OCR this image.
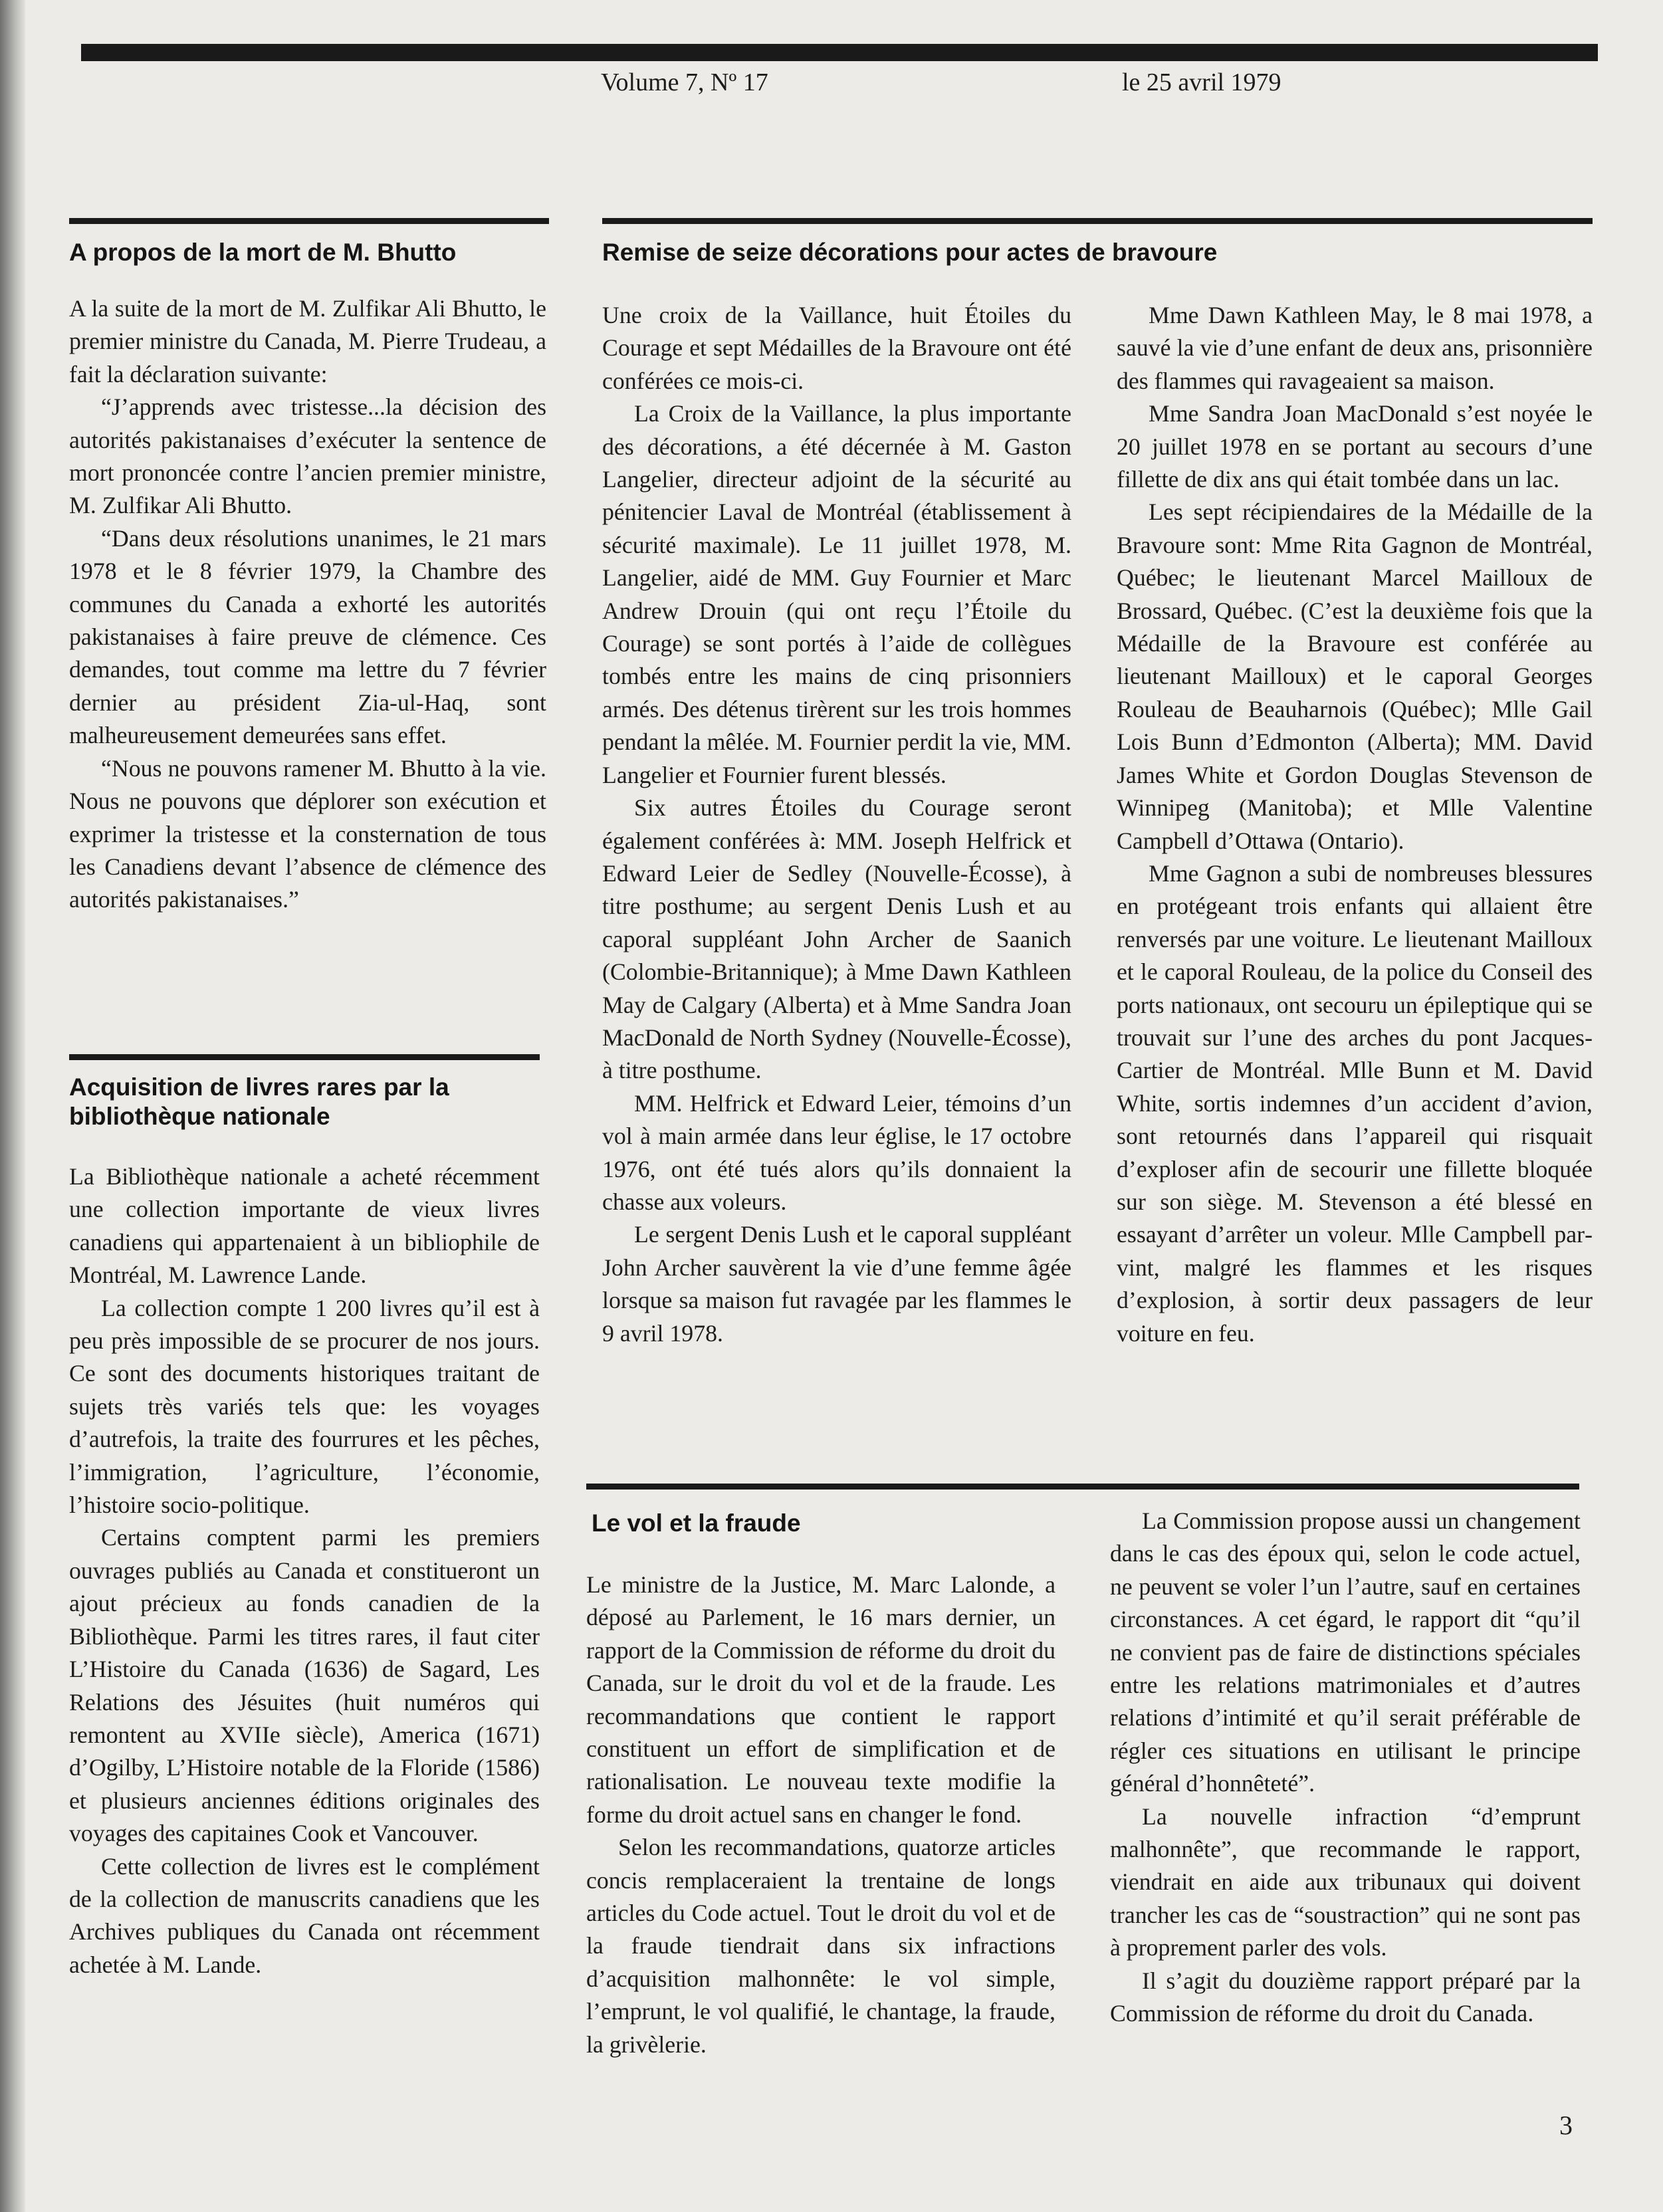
Volume 7, Nº 17	le 25 avril 1979
A propos de la mort de M. Bhutto

A la suite de la mort de M. Zulfikar Ali Bhutto, le premier ministre du Canada, M. Pierre Trudeau, a fait la déclaration suivante:

“J’apprends avec tristesse...la décision des autorités pakistanaises d’exécuter la sentence de mort prononcée contre l’ancien premier ministre, M. Zulfikar Ali Bhutto.

“Dans deux résolutions unanimes, le 21 mars 1978 et le 8 février 1979, la Chambre des communes du Canada a exhorté les autorités pakistanaises à faire preuve de clémence. Ces demandes, tout comme ma lettre du 7 février dernier au président Zia-ul-Haq, sont malheureusement demeurées sans effet.

“Nous ne pouvons ramener M. Bhutto à la vie. Nous ne pouvons que déplorer son exécution et exprimer la tristesse et la consternation de tous les Canadiens devant l’absence de clémence des autorités pakistanaises.”

Acquisition de livres rares par la bibliothèque nationale

La Bibliothèque nationale a acheté récemment une collection importante de vieux livres canadiens qui appartenaient à un bibliophile de Montréal, M. Lawrence Lande.

La collection compte 1 200 livres qu’il est à peu près impossible de se procurer de nos jours. Ce sont des documents historiques traitant de sujets très variés tels que: les voyages d’autrefois, la traite des fourrures et les pêches, l’immigration, l’agriculture, l’économie, l’histoire socio-politique.

Certains comptent parmi les premiers ouvrages publiés au Canada et constitueront un ajout précieux au fonds canadien de la Bibliothèque. Parmi les titres rares, il faut citer L’Histoire du Canada (1636) de Sagard, Les Relations des Jésuites (huit numéros qui remontent au XVIIe siècle), America (1671) d’Ogilby, L’Histoire notable de la Floride (1586) et plusieurs anciennes éditions originales des voyages des capitaines Cook et Vancouver.

Cette collection de livres est le complément de la collection de manuscrits canadiens que les Archives publiques du Canada ont récemment achetée à M. Lande.

Remise de seize décorations pour actes de bravoure

Une croix de la Vaillance, huit Étoiles du Courage et sept Médailles de la Bravoure ont été conférées ce mois-ci.

La Croix de la Vaillance, la plus importante des décorations, a été décernée à M. Gaston Langelier, directeur adjoint de la sécurité au pénitencier Laval de Montréal (établissement à sécurité maximale). Le 11 juillet 1978, M. Langelier, aidé de MM. Guy Fournier et Marc Andrew Drouin (qui ont reçu l’Étoile du Courage) se sont portés à l’aide de collègues tombés entre les mains de cinq prisonniers armés. Des détenus tirèrent sur les trois hommes pendant la mêlée. M. Fournier perdit la vie, MM. Langelier et Fournier furent blessés.

Six autres Étoiles du Courage seront également conférées à: MM. Joseph Helfrick et Edward Leier de Sedley (Nouvelle-Écosse), à titre posthume; au sergent Denis Lush et au caporal suppléant John Archer de Saanich (Colombie-Britannique); à Mme Dawn Kathleen May de Calgary (Alberta) et à Mme Sandra Joan MacDonald de North Sydney (Nouvelle-Écosse), à titre posthume.

MM. Helfrick et Edward Leier, témoins d’un vol à main armée dans leur église, le 17 octobre 1976, ont été tués alors qu’ils donnaient la chasse aux voleurs.

Le sergent Denis Lush et le caporal suppléant John Archer sauvèrent la vie d’une femme âgée lorsque sa maison fut ravagée par les flammes le 9 avril 1978.

Mme Dawn Kathleen May, le 8 mai 1978, a sauvé la vie d’une enfant de deux ans, prisonnière des flammes qui ravageaient sa maison.

Mme Sandra Joan MacDonald s’est noyée le 20 juillet 1978 en se portant au secours d’une fillette de dix ans qui était tombée dans un lac.

Les sept récipiendaires de la Médaille de la Bravoure sont: Mme Rita Gagnon de Montréal, Québec; le lieutenant Marcel Mailloux de Brossard, Québec. (C’est la deuxième fois que la Médaille de la Bravoure est conférée au lieutenant Mailloux) et le caporal Georges Rouleau de Beauharnois (Québec); Mlle Gail Lois Bunn d’Edmonton (Alberta); MM. David James White et Gordon Douglas Stevenson de Winnipeg (Manitoba); et Mlle Valentine Campbell d’Ottawa (Ontario).

Mme Gagnon a subi de nombreuses blessures en protégeant trois enfants qui allaient être renversés par une voiture. Le lieutenant Mailloux et le caporal Rouleau, de la police du Conseil des ports nationaux, ont secouru un épileptique qui se trouvait sur l’une des arches du pont Jacques-Cartier de Montréal. Mlle Bunn et M. David White, sortis indemnes d’un accident d’avion, sont retournés dans l’appareil qui risquait d’exploser afin de secourir une fillette bloquée sur son siège. M. Stevenson a été blessé en essayant d’arrêter un voleur. Mlle Campbell parvint, malgré les flammes et les risques d’explosion, à sortir deux passagers de leur voiture en feu.

Le vol et la fraude

Le ministre de la Justice, M. Marc Lalonde, a déposé au Parlement, le 16 mars dernier, un rapport de la Commission de réforme du droit du Canada, sur le droit du vol et de la fraude. Les recommandations que contient le rapport constituent un effort de simplification et de rationalisation. Le nouveau texte modifie la forme du droit actuel sans en changer le fond.

Selon les recommandations, quatorze articles concis remplaceraient la trentaine de longs articles du Code actuel. Tout le droit du vol et de la fraude tiendrait dans six infractions d’acquisition malhonnête: le vol simple, l’emprunt, le vol qualifié, le chantage, la fraude, la grivèlerie.

La Commission propose aussi un changement dans le cas des époux qui, selon le code actuel, ne peuvent se voler l’un l’autre, sauf en certaines circonstances. A cet égard, le rapport dit “qu’il ne convient pas de faire de distinctions spéciales entre les relations matrimoniales et d’autres relations d’intimité et qu’il serait préférable de régler ces situations en utilisant le principe général d’honnêteté”.

La nouvelle infraction “d’emprunt malhonnête”, que recommande le rapport, viendrait en aide aux tribunaux qui doivent trancher les cas de “soustraction” qui ne sont pas à proprement parler des vols.

Il s’agit du douzième rapport préparé par la Commission de réforme du droit du Canada.

3
